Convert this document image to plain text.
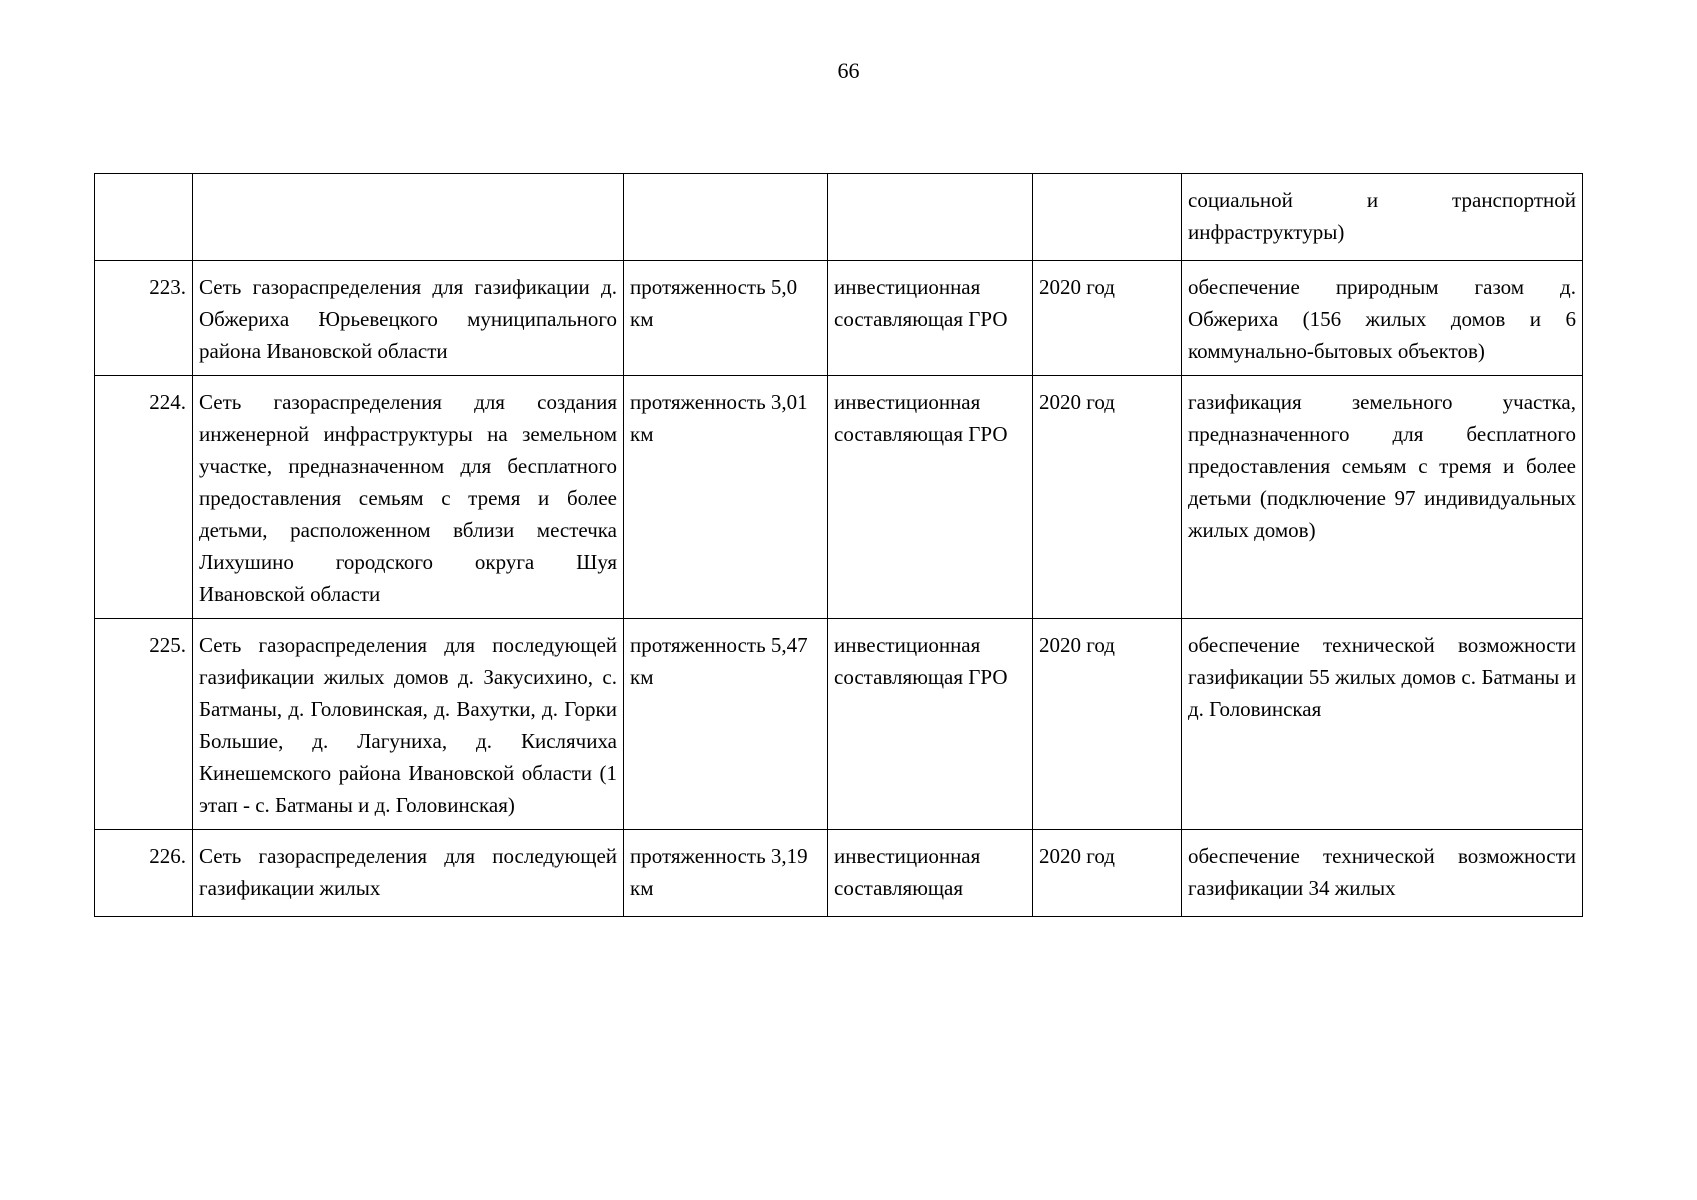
66
					социальной и транспортной инфраструктуры)
223.	Сеть газораспределения для газификации д. Обжериха Юрьевецкого муниципального района Ивановской области	протяженность 5,0 км	инвестиционная составляющая ГРО	2020 год	обеспечение природным газом д. Обжериха (156 жилых домов и 6 коммунально-бытовых объектов)
224.	Сеть газораспределения для создания инженерной инфраструктуры на земельном участке, предназначенном для бесплатного предоставления семьям с тремя и более детьми, расположенном вблизи местечка Лихушино городского округа Шуя Ивановской области	протяженность 3,01 км	инвестиционная составляющая ГРО	2020 год	газификация земельного участка, предназначенного для бесплатного предоставления семьям с тремя и более детьми (подключение 97 индивидуальных жилых домов)
225.	Сеть газораспределения для последующей газификации жилых домов д. Закусихино, с. Батманы, д. Головинская, д. Вахутки, д. Горки Большие, д. Лагуниха, д. Кислячиха Кинешемского района Ивановской области (1 этап - с. Батманы и д. Головинская)	протяженность 5,47 км	инвестиционная составляющая ГРО	2020 год	обеспечение технической возможности газификации 55 жилых домов с. Батманы и д. Головинская
226.	Сеть газораспределения для последующей газификации жилых	протяженность 3,19 км	инвестиционная составляющая	2020 год	обеспечение технической возможности газификации 34 жилых
